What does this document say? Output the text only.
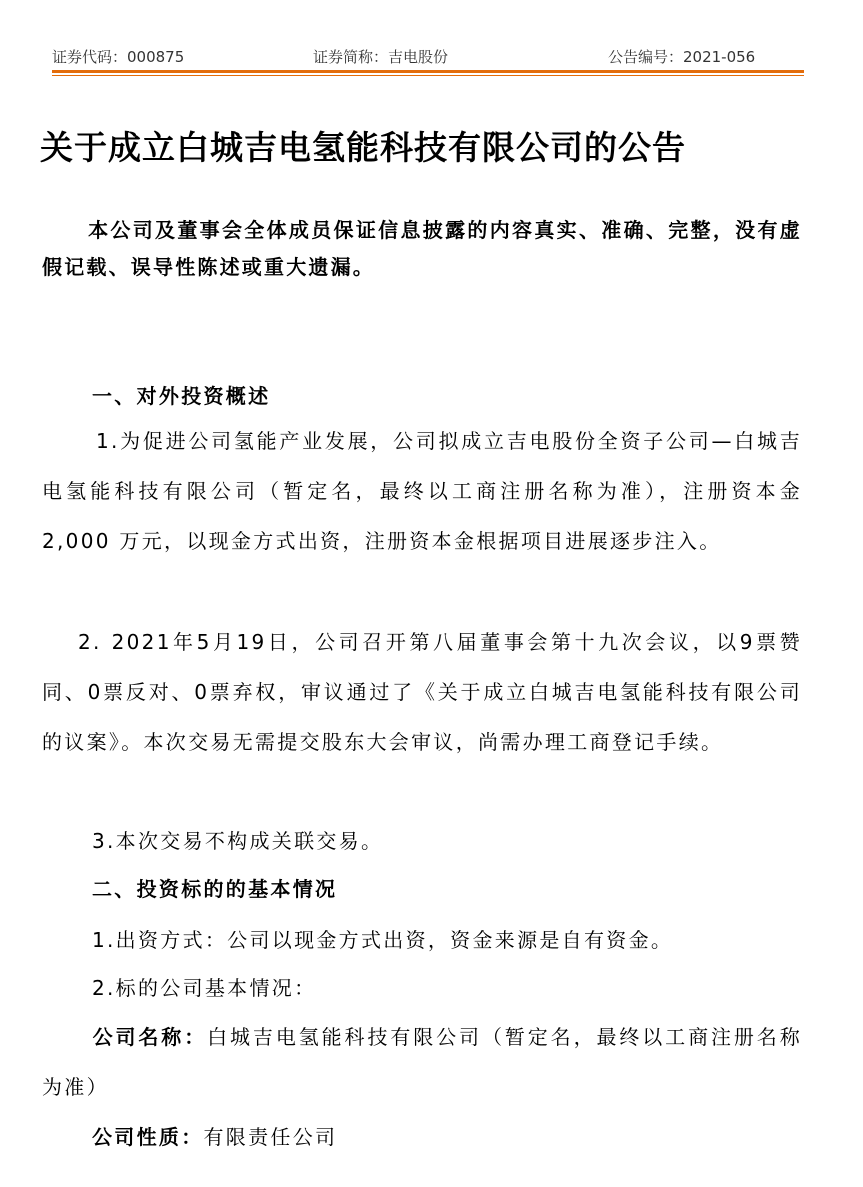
证券代码：000875	证券简称：吉电股份	公告编号：2021-056
关于成立白城吉电氢能科技有限公司的公告
本公司及董事会全体成员保证信息披露的内容真实、准确、完整，没有虚假记载、误导性陈述或重大遗漏。
一、对外投资概述
1.为促进公司氢能产业发展，公司拟成立吉电股份全资子公司—白城吉电氢能科技有限公司（暂定名，最终以工商注册名称为准），注册资本金 2,000 万元，以现金方式出资，注册资本金根据项目进展逐步注入。
2. 2021年5月19日，公司召开第八届董事会第十九次会议，以9票赞同、0票反对、0票弃权，审议通过了《关于成立白城吉电氢能科技有限公司的议案》。本次交易无需提交股东大会审议，尚需办理工商登记手续。
3.本次交易不构成关联交易。
二、投资标的的基本情况
1.出资方式：公司以现金方式出资，资金来源是自有资金。
2.标的公司基本情况：
公司名称：白城吉电氢能科技有限公司（暂定名，最终以工商注册名称为准）
公司性质：有限责任公司
